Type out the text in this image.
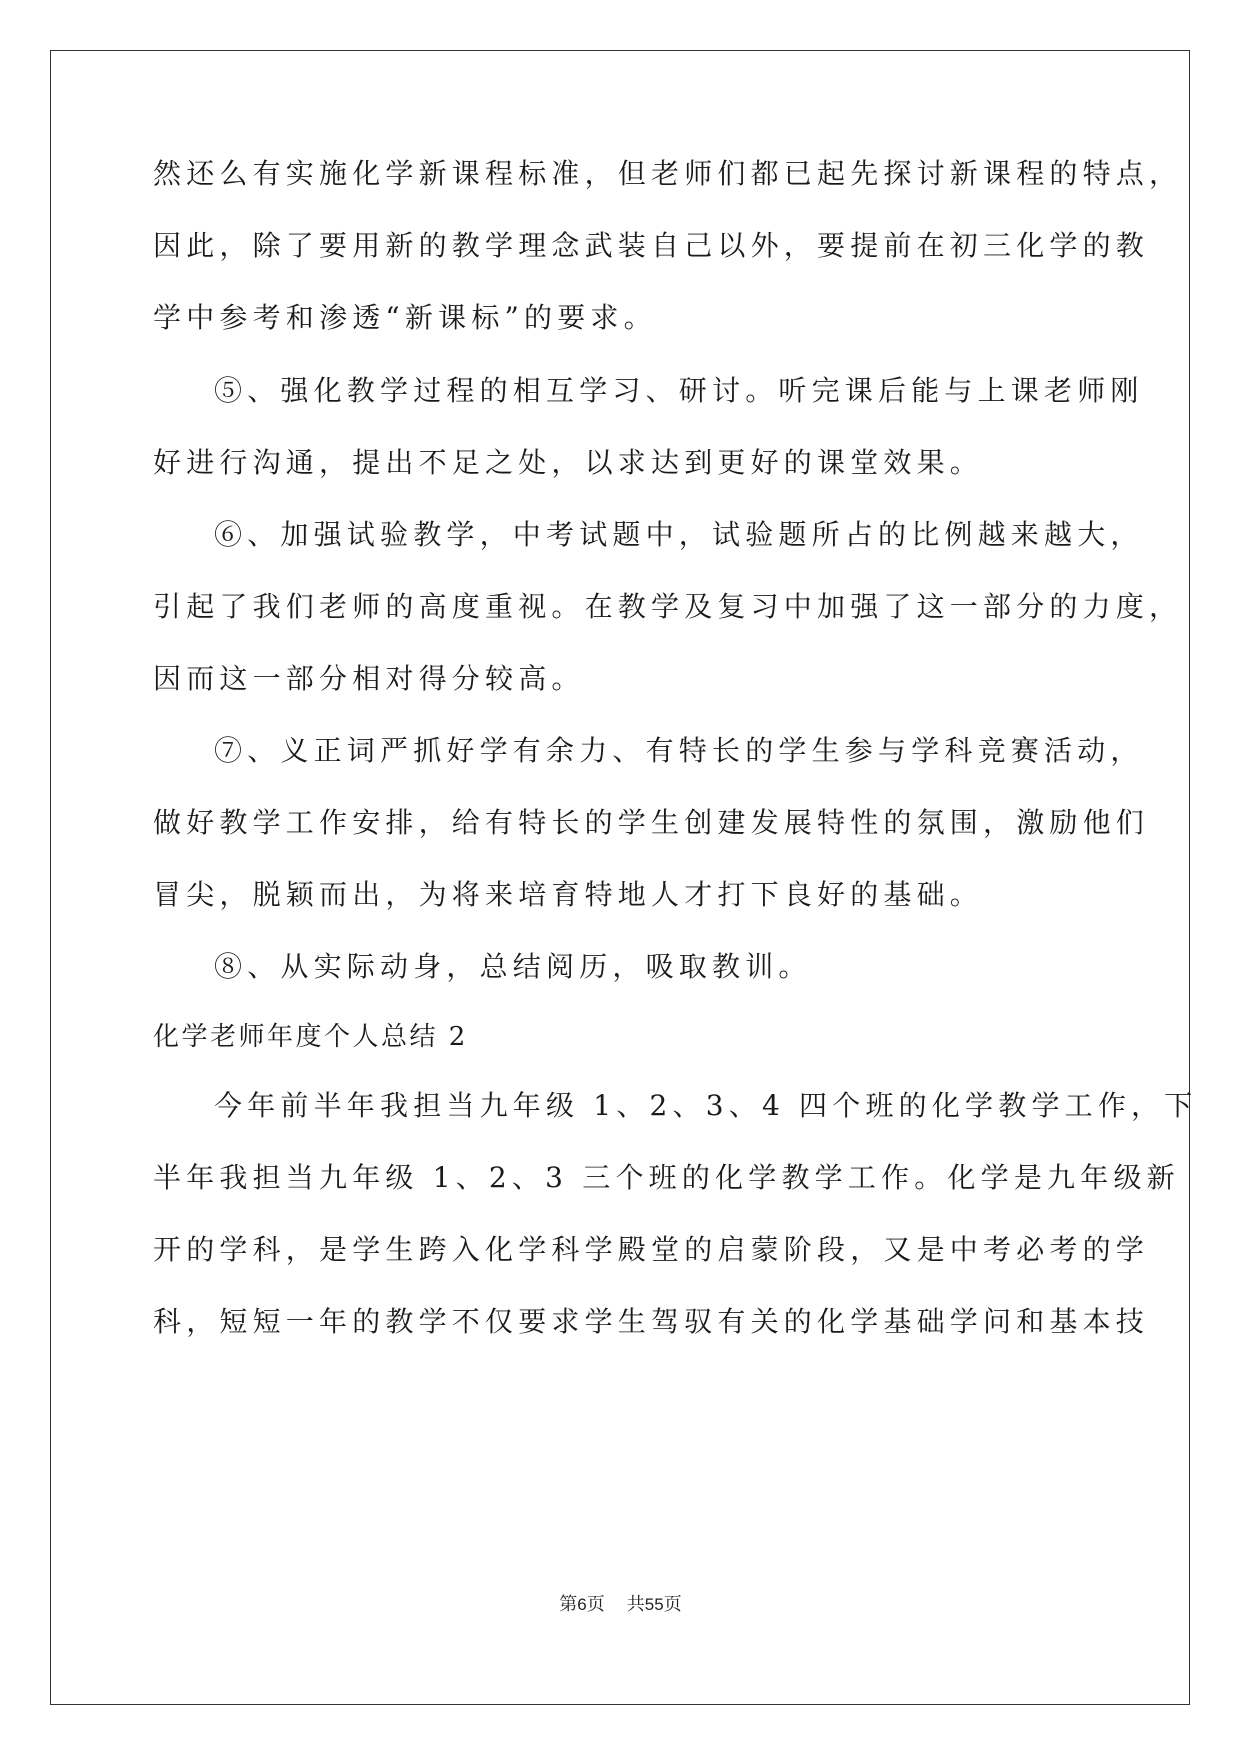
然还么有实施化学新课程标准，但老师们都已起先探讨新课程的特点，
因此，除了要用新的教学理念武装自己以外，要提前在初三化学的教
学中参考和渗透“新课标”的要求。
⑤、强化教学过程的相互学习、研讨。听完课后能与上课老师刚
好进行沟通，提出不足之处，以求达到更好的课堂效果。
⑥、加强试验教学，中考试题中，试验题所占的比例越来越大，
引起了我们老师的高度重视。在教学及复习中加强了这一部分的力度，
因而这一部分相对得分较高。
⑦、义正词严抓好学有余力、有特长的学生参与学科竞赛活动，
做好教学工作安排，给有特长的学生创建发展特性的氛围，激励他们
冒尖，脱颖而出，为将来培育特地人才打下良好的基础。
⑧、从实际动身，总结阅历，吸取教训。
化学老师年度个人总结 2
今年前半年我担当九年级 1、2、3、4 四个班的化学教学工作，下
半年我担当九年级 1、2、3 三个班的化学教学工作。化学是九年级新
开的学科，是学生跨入化学科学殿堂的启蒙阶段，又是中考必考的学
科，短短一年的教学不仅要求学生驾驭有关的化学基础学问和基本技
第6页 共55页
